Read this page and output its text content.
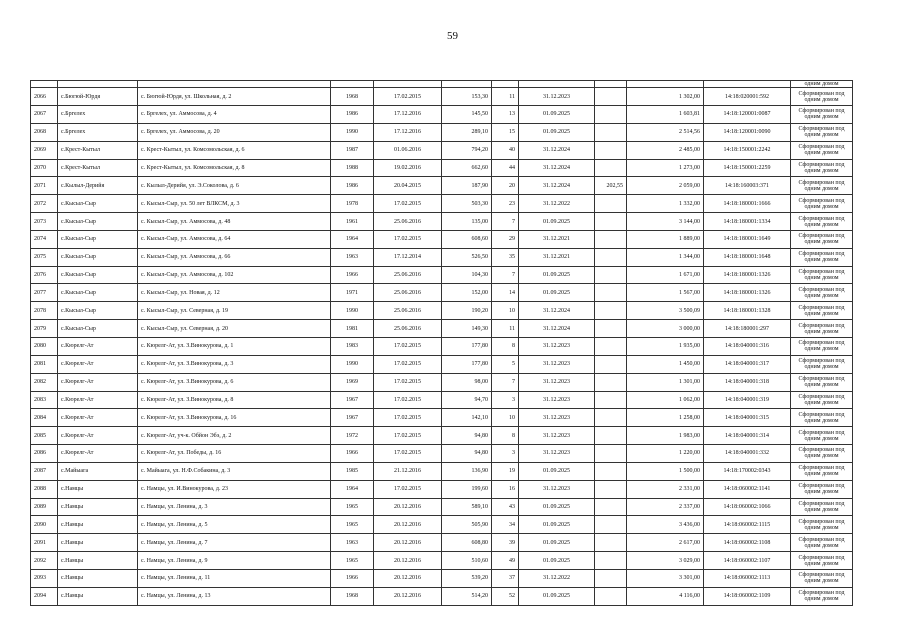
59

											одним домом

2066	с.Бюгюй-Юрдя	с. Бюгюй-Юрдя, ул. Школьная, д. 2	1968	17.02.2015	153,30	11	31.12.2023		1 302,00	14:18:020001:592	Сформирован под
одним домом

2067	с.Бргелех	с. Бргелех, ул. Аммосова, д. 4	1986	17.12.2016	145,50	13	01.09.2025		1 603,81	14:18:120001:0087	Сформирован под
одним домом

2068	с.Бргелех	с. Бргелех, ул. Аммосова, д. 20	1990	17.12.2016	289,10	15	01.09.2025		2 514,56	14:18:120001:0090	Сформирован под
одним домом

2069	с.Крест-Кытыл	с. Крест-Кытыл, ул. Комсомольская, д. 6	1987	01.06.2016	794,20	40	31.12.2024		2 485,00	14:18:150001:2242	Сформирован под
одним домом

2070	с.Крест-Кытыл	с. Крест-Кытыл, ул. Комсомольская, д. 8	1988	19.02.2016	662,60	44	31.12.2024		1 273,00	14:18:150001:2259	Сформирован под
одним домом

2071	с.Кылыл-Дерийя	с. Кылыл-Дерийя, ул. Э.Соколова, д. 6	1986	20.04.2015	187,90	20	31.12.2024	202,55	2 059,00	14:18:160003:371	Сформирован под
одним домом

2072	с.Кысыл-Сыр	с. Кысыл-Сыр, ул. 50 лет ВЛКСМ, д. 3	1978	17.02.2015	503,30	23	31.12.2022		1 332,00	14:18:180001:1666	Сформирован под
одним домом

2073	с.Кысыл-Сыр	с. Кысыл-Сыр, ул. Аммосова, д. 48	1961	25.06.2016	135,00	7	01.09.2025		3 144,00	14:18:180001:1334	Сформирован под
одним домом

2074	с.Кысыл-Сыр	с. Кысыл-Сыр, ул. Аммосова, д. 64	1964	17.02.2015	608,60	29	31.12.2021		1 889,00	14:18:180001:1649	Сформирован под
одним домом

2075	с.Кысыл-Сыр	с. Кысыл-Сыр, ул. Аммосова, д. 66	1963	17.12.2014	526,50	35	31.12.2021		1 344,00	14:18:180001:1648	Сформирован под
одним домом

2076	с.Кысыл-Сыр	с. Кысыл-Сыр, ул. Аммосова, д. 102	1966	25.06.2016	104,30	7	01.09.2025		1 671,00	14:18:180001:1326	Сформирован под
одним домом

2077	с.Кысыл-Сыр	с. Кысыл-Сыр, ул. Новая, д. 12	1971	25.06.2016	152,00	14	01.09.2025		1 567,00	14:18:180001:1326	Сформирован под
одним домом

2078	с.Кысыл-Сыр	с. Кысыл-Сыр, ул. Северная, д. 19	1990	25.06.2016	190,20	10	31.12.2024		3 500,09	14:18:180001:1328	Сформирован под
одним домом

2079	с.Кысыл-Сыр	с. Кысыл-Сыр, ул. Северная, д. 20	1981	25.06.2016	149,30	11	31.12.2024		3 000,00	14:18:180001:297	Сформирован под
одним домом

2080	с.Кюрелг-Ат	с. Кюрелг-Ат, ул. З.Винокурова, д. 1	1983	17.02.2015	177,80	8	31.12.2023		1 935,00	14:18:040001:316	Сформирован под
одним домом

2081	с.Кюрелг-Ат	с. Кюрелг-Ат, ул. З.Винокурова, д. 3	1990	17.02.2015	177,80	5	31.12.2023		1 450,00	14:18:040001:317	Сформирован под
одним домом

2082	с.Кюрелг-Ат	с. Кюрелг-Ат, ул. З.Винокурова, д. 6	1969	17.02.2015	98,00	7	31.12.2023		1 301,00	14:18:040001:318	Сформирован под
одним домом

2083	с.Кюрелг-Ат	с. Кюрелг-Ат, ул. З.Винокурова, д. 8	1967	17.02.2015	94,70	3	31.12.2023		1 062,00	14:18:040001:319	Сформирован под
одним домом

2084	с.Кюрелг-Ат	с. Кюрелг-Ат, ул. З.Винокурова, д. 16	1967	17.02.2015	142,10	10	31.12.2023		1 258,00	14:18:040001:315	Сформирован под
одним домом

2085	с.Кюрелг-Ат	с. Кюрелг-Ат, уч-к. Обйон Эбэ, д. 2	1972	17.02.2015	94,80	8	31.12.2023		1 983,00	14:18:040001:314	Сформирован под
одним домом

2086	с.Кюрелг-Ат	с. Кюрелг-Ат, ул. Победы, д. 16	1966	17.02.2015	94,80	3	31.12.2023		1 220,00	14:18:040001:332	Сформирован под
одним домом

2087	с.Майыага	с. Майыага, ул. Н.Ф.Собакина, д. 3	1985	21.12.2016	136,90	19	01.09.2025		1 500,00	14:18:170002:0343	Сформирован под
одним домом

2088	с.Намцы	с. Намцы, ул. И.Винокурова, д. 23	1964	17.02.2015	199,60	16	31.12.2023		2 331,00	14:18:060002:1141	Сформирован под
одним домом

2089	с.Намцы	с. Намцы, ул. Ленина, д. 3	1965	20.12.2016	589,10	43	01.09.2025		2 337,00	14:18:060002:1066	Сформирован под
одним домом

2090	с.Намцы	с. Намцы, ул. Ленина, д. 5	1965	20.12.2016	505,90	34	01.09.2025		3 436,00	14:18:060002:1115	Сформирован под
одним домом

2091	с.Намцы	с. Намцы, ул. Ленина, д. 7	1963	20.12.2016	608,80	39	01.09.2025		2 617,00	14:18:060002:1108	Сформирован под
одним домом

2092	с.Намцы	с. Намцы, ул. Ленина, д. 9	1965	20.12.2016	510,60	49	01.09.2025		3 029,00	14:18:060002:1107	Сформирован под
одним домом

2093	с.Намцы	с. Намцы, ул. Ленина, д. 11	1966	20.12.2016	539,20	37	31.12.2022		3 301,00	14:18:060002:1113	Сформирован под
одним домом

2094	с.Намцы	с. Намцы, ул. Ленина, д. 13	1968	20.12.2016	514,20	52	01.09.2025		4 116,00	14:18:060002:1109	Сформирован под
одним домом
